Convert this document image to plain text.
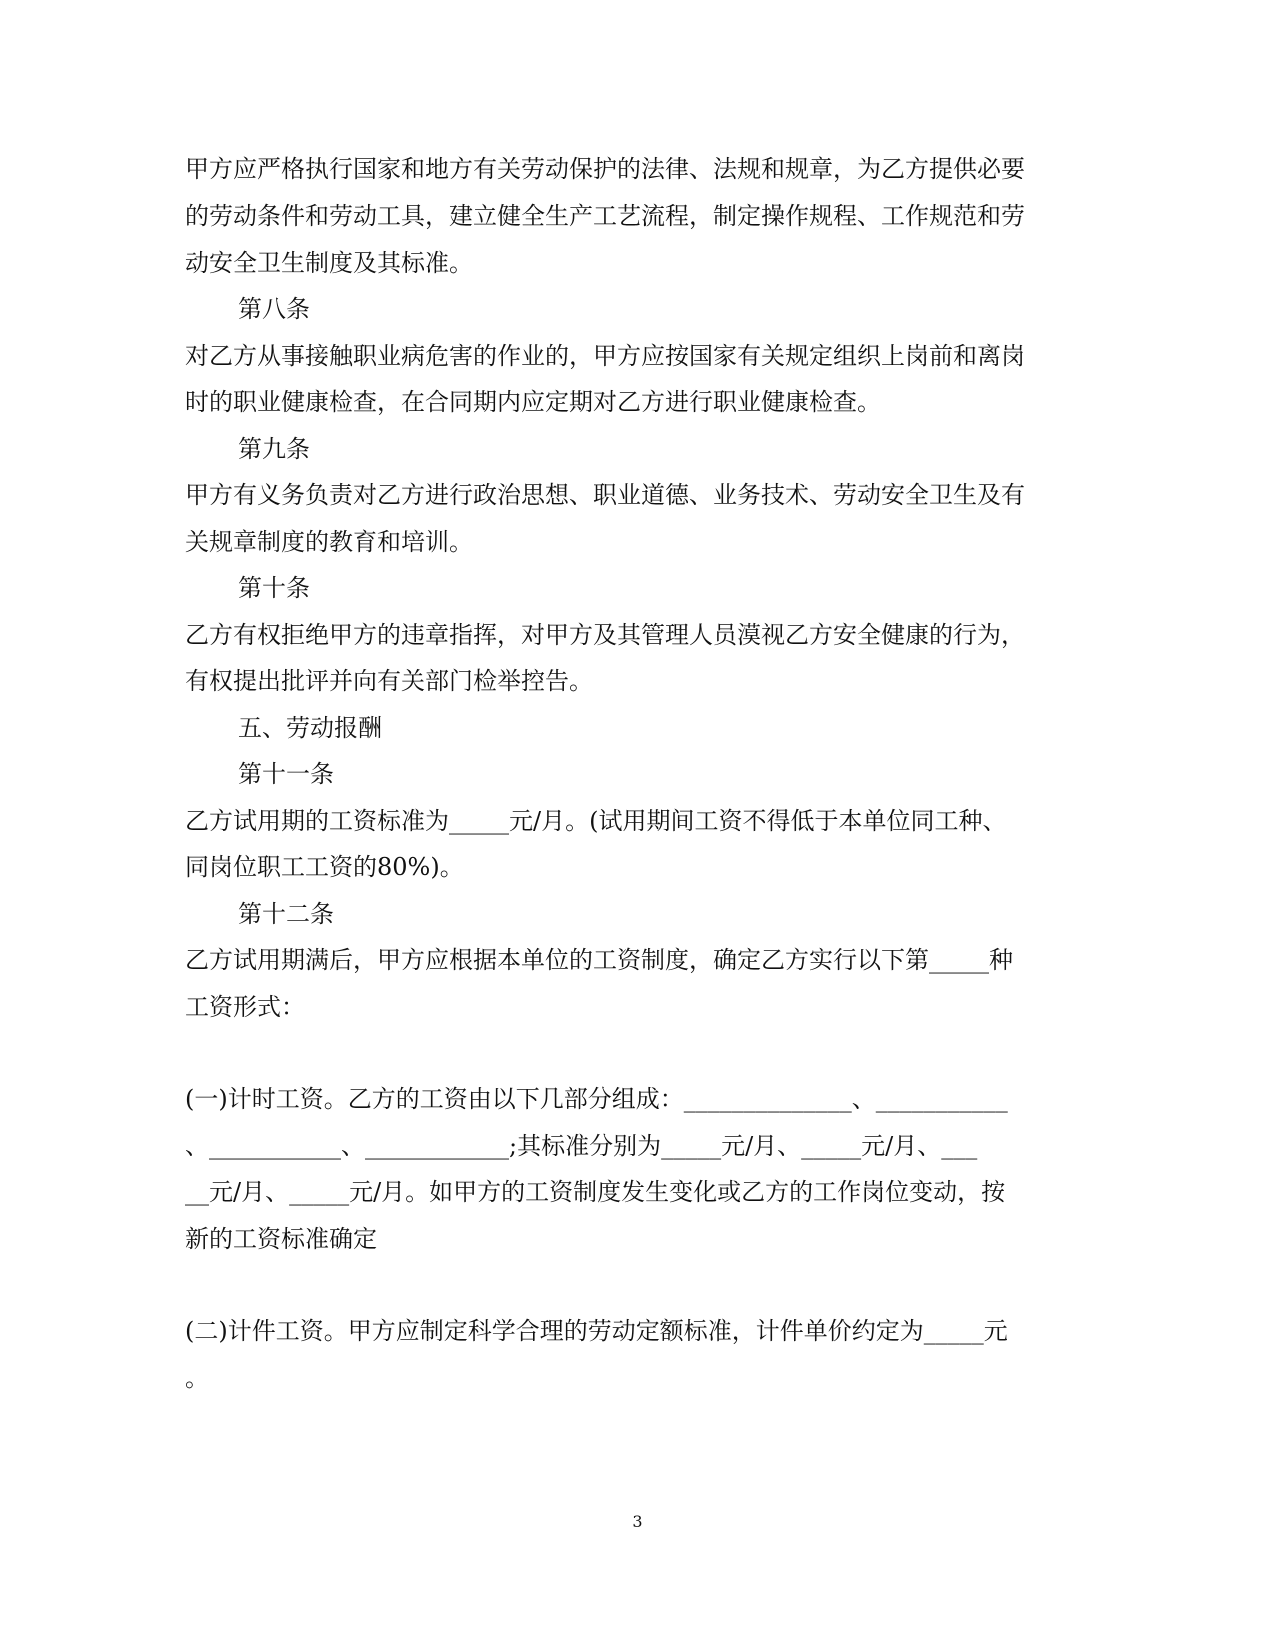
甲方应严格执行国家和地方有关劳动保护的法律、法规和规章，为乙方提供必要
的劳动条件和劳动工具，建立健全生产工艺流程，制定操作规程、工作规范和劳
动安全卫生制度及其标准。
第八条
对乙方从事接触职业病危害的作业的，甲方应按国家有关规定组织上岗前和离岗
时的职业健康检查，在合同期内应定期对乙方进行职业健康检查。
第九条
甲方有义务负责对乙方进行政治思想、职业道德、业务技术、劳动安全卫生及有
关规章制度的教育和培训。
第十条
乙方有权拒绝甲方的违章指挥，对甲方及其管理人员漠视乙方安全健康的行为，
有权提出批评并向有关部门检举控告。
五、劳动报酬
第十一条
乙方试用期的工资标准为_____元/月。(试用期间工资不得低于本单位同工种、
同岗位职工工资的80%)。
第十二条
乙方试用期满后，甲方应根据本单位的工资制度，确定乙方实行以下第_____种
工资形式：
(一)计时工资。乙方的工资由以下几部分组成：______________、___________
、___________、____________;其标准分别为_____元/月、_____元/月、___
__元/月、_____元/月。如甲方的工资制度发生变化或乙方的工作岗位变动，按
新的工资标准确定
(二)计件工资。甲方应制定科学合理的劳动定额标准，计件单价约定为_____元
。
3
